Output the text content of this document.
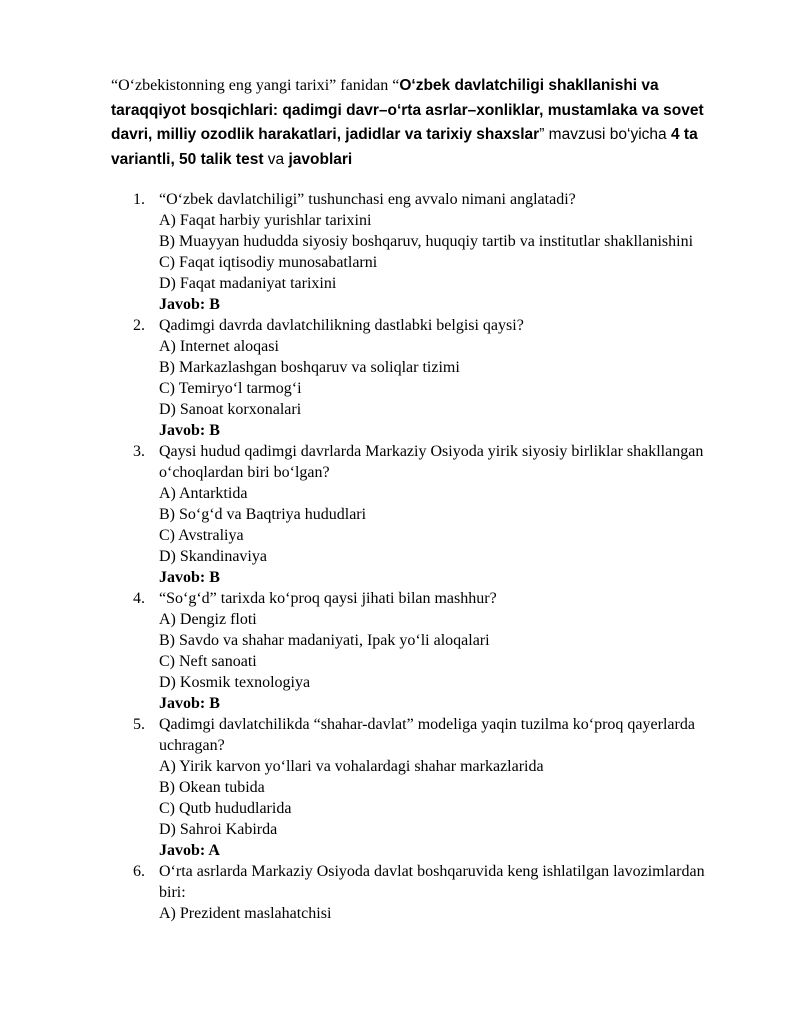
“O‘zbekistonning eng yangi tarixi” fanidan “O‘zbek davlatchiligi shakllanishi va taraqqiyot bosqichlari: qadimgi davr–o‘rta asrlar–xonliklar, mustamlaka va sovet davri, milliy ozodlik harakatlari, jadidlar va tarixiy shaxslar” mavzusi bo‘yicha 4 ta variantli, 50 talik test va javoblari
1. “O‘zbek davlatchiligi” tushunchasi eng avvalo nimani anglatadi?
A) Faqat harbiy yurishlar tarixini
B) Muayyan hududda siyosiy boshqaruv, huquqiy tartib va institutlar shakllanishini
C) Faqat iqtisodiy munosabatlarni
D) Faqat madaniyat tarixini
Javob: B
2. Qadimgi davrda davlatchilikning dastlabki belgisi qaysi?
A) Internet aloqasi
B) Markazlashgan boshqaruv va soliqlar tizimi
C) Temiryo‘l tarmog‘i
D) Sanoat korxonalari
Javob: B
3. Qaysi hudud qadimgi davrlarda Markaziy Osiyoda yirik siyosiy birliklar shakllangan o‘choqlardan biri bo‘lgan?
A) Antarktida
B) So‘g‘d va Baqtriya hududlari
C) Avstraliya
D) Skandinaviya
Javob: B
4. “So‘g‘d” tarixda ko‘proq qaysi jihati bilan mashhur?
A) Dengiz floti
B) Savdo va shahar madaniyati, Ipak yo‘li aloqalari
C) Neft sanoati
D) Kosmik texnologiya
Javob: B
5. Qadimgi davlatchilikda “shahar-davlat” modeliga yaqin tuzilma ko‘proq qayerlarda uchragan?
A) Yirik karvon yo‘llari va vohalardagi shahar markazlarida
B) Okean tubida
C) Qutb hududlarida
D) Sahroi Kabirda
Javob: A
6. O‘rta asrlarda Markaziy Osiyoda davlat boshqaruvida keng ishlatilgan lavozimlardan biri:
A) Prezident maslahatchisi
